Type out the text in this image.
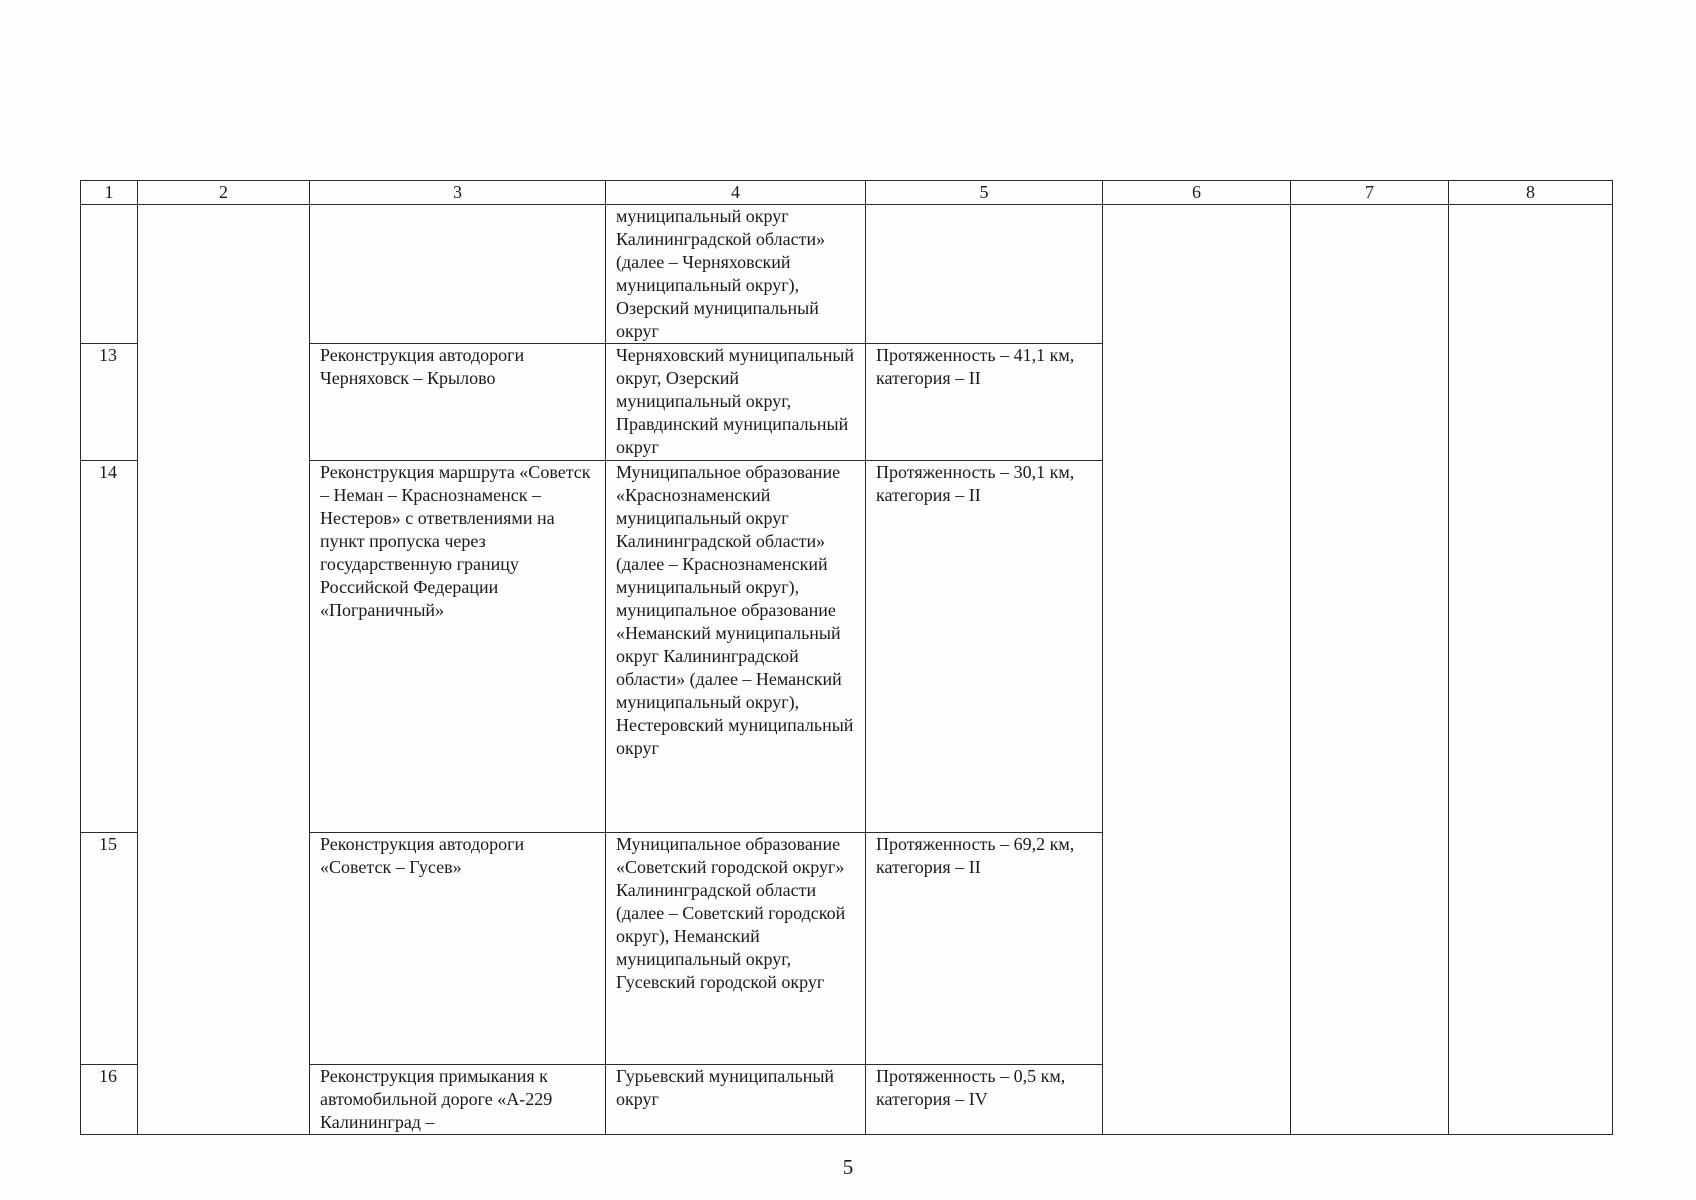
1	2	3	4	5	6	7	8
			муниципальный округ Калининградской области» (далее – Черняховский муниципальный округ), Озерский муниципальный округ				
13		Реконструкция автодороги Черняховск – Крылово	Черняховский муниципальный округ, Озерский муниципальный округ, Правдинский муниципальный округ	Протяженность – 41,1 км, категория – II			
14		Реконструкция маршрута «Советск – Неман – Краснознаменск – Нестеров» с ответвлениями на пункт пропуска через государственную границу Российской Федерации «Пограничный»	Муниципальное образование «Краснознаменский муниципальный округ Калининградской области» (далее – Краснознаменский муниципальный округ), муниципальное образование «Неманский муниципальный округ Калининградской области» (далее – Неманский муниципальный округ), Нестеровский муниципальный округ	Протяженность – 30,1 км, категория – II			
15		Реконструкция автодороги «Советск – Гусев»	Муниципальное образование «Советский городской округ» Калининградской области (далее – Советский городской округ), Неманский муниципальный округ, Гусевский городской округ	Протяженность – 69,2 км, категория – II			
16		Реконструкция примыкания к автомобильной дороге «А-229 Калининград –	Гурьевский муниципальный округ	Протяженность – 0,5 км, категория – IV			
5
